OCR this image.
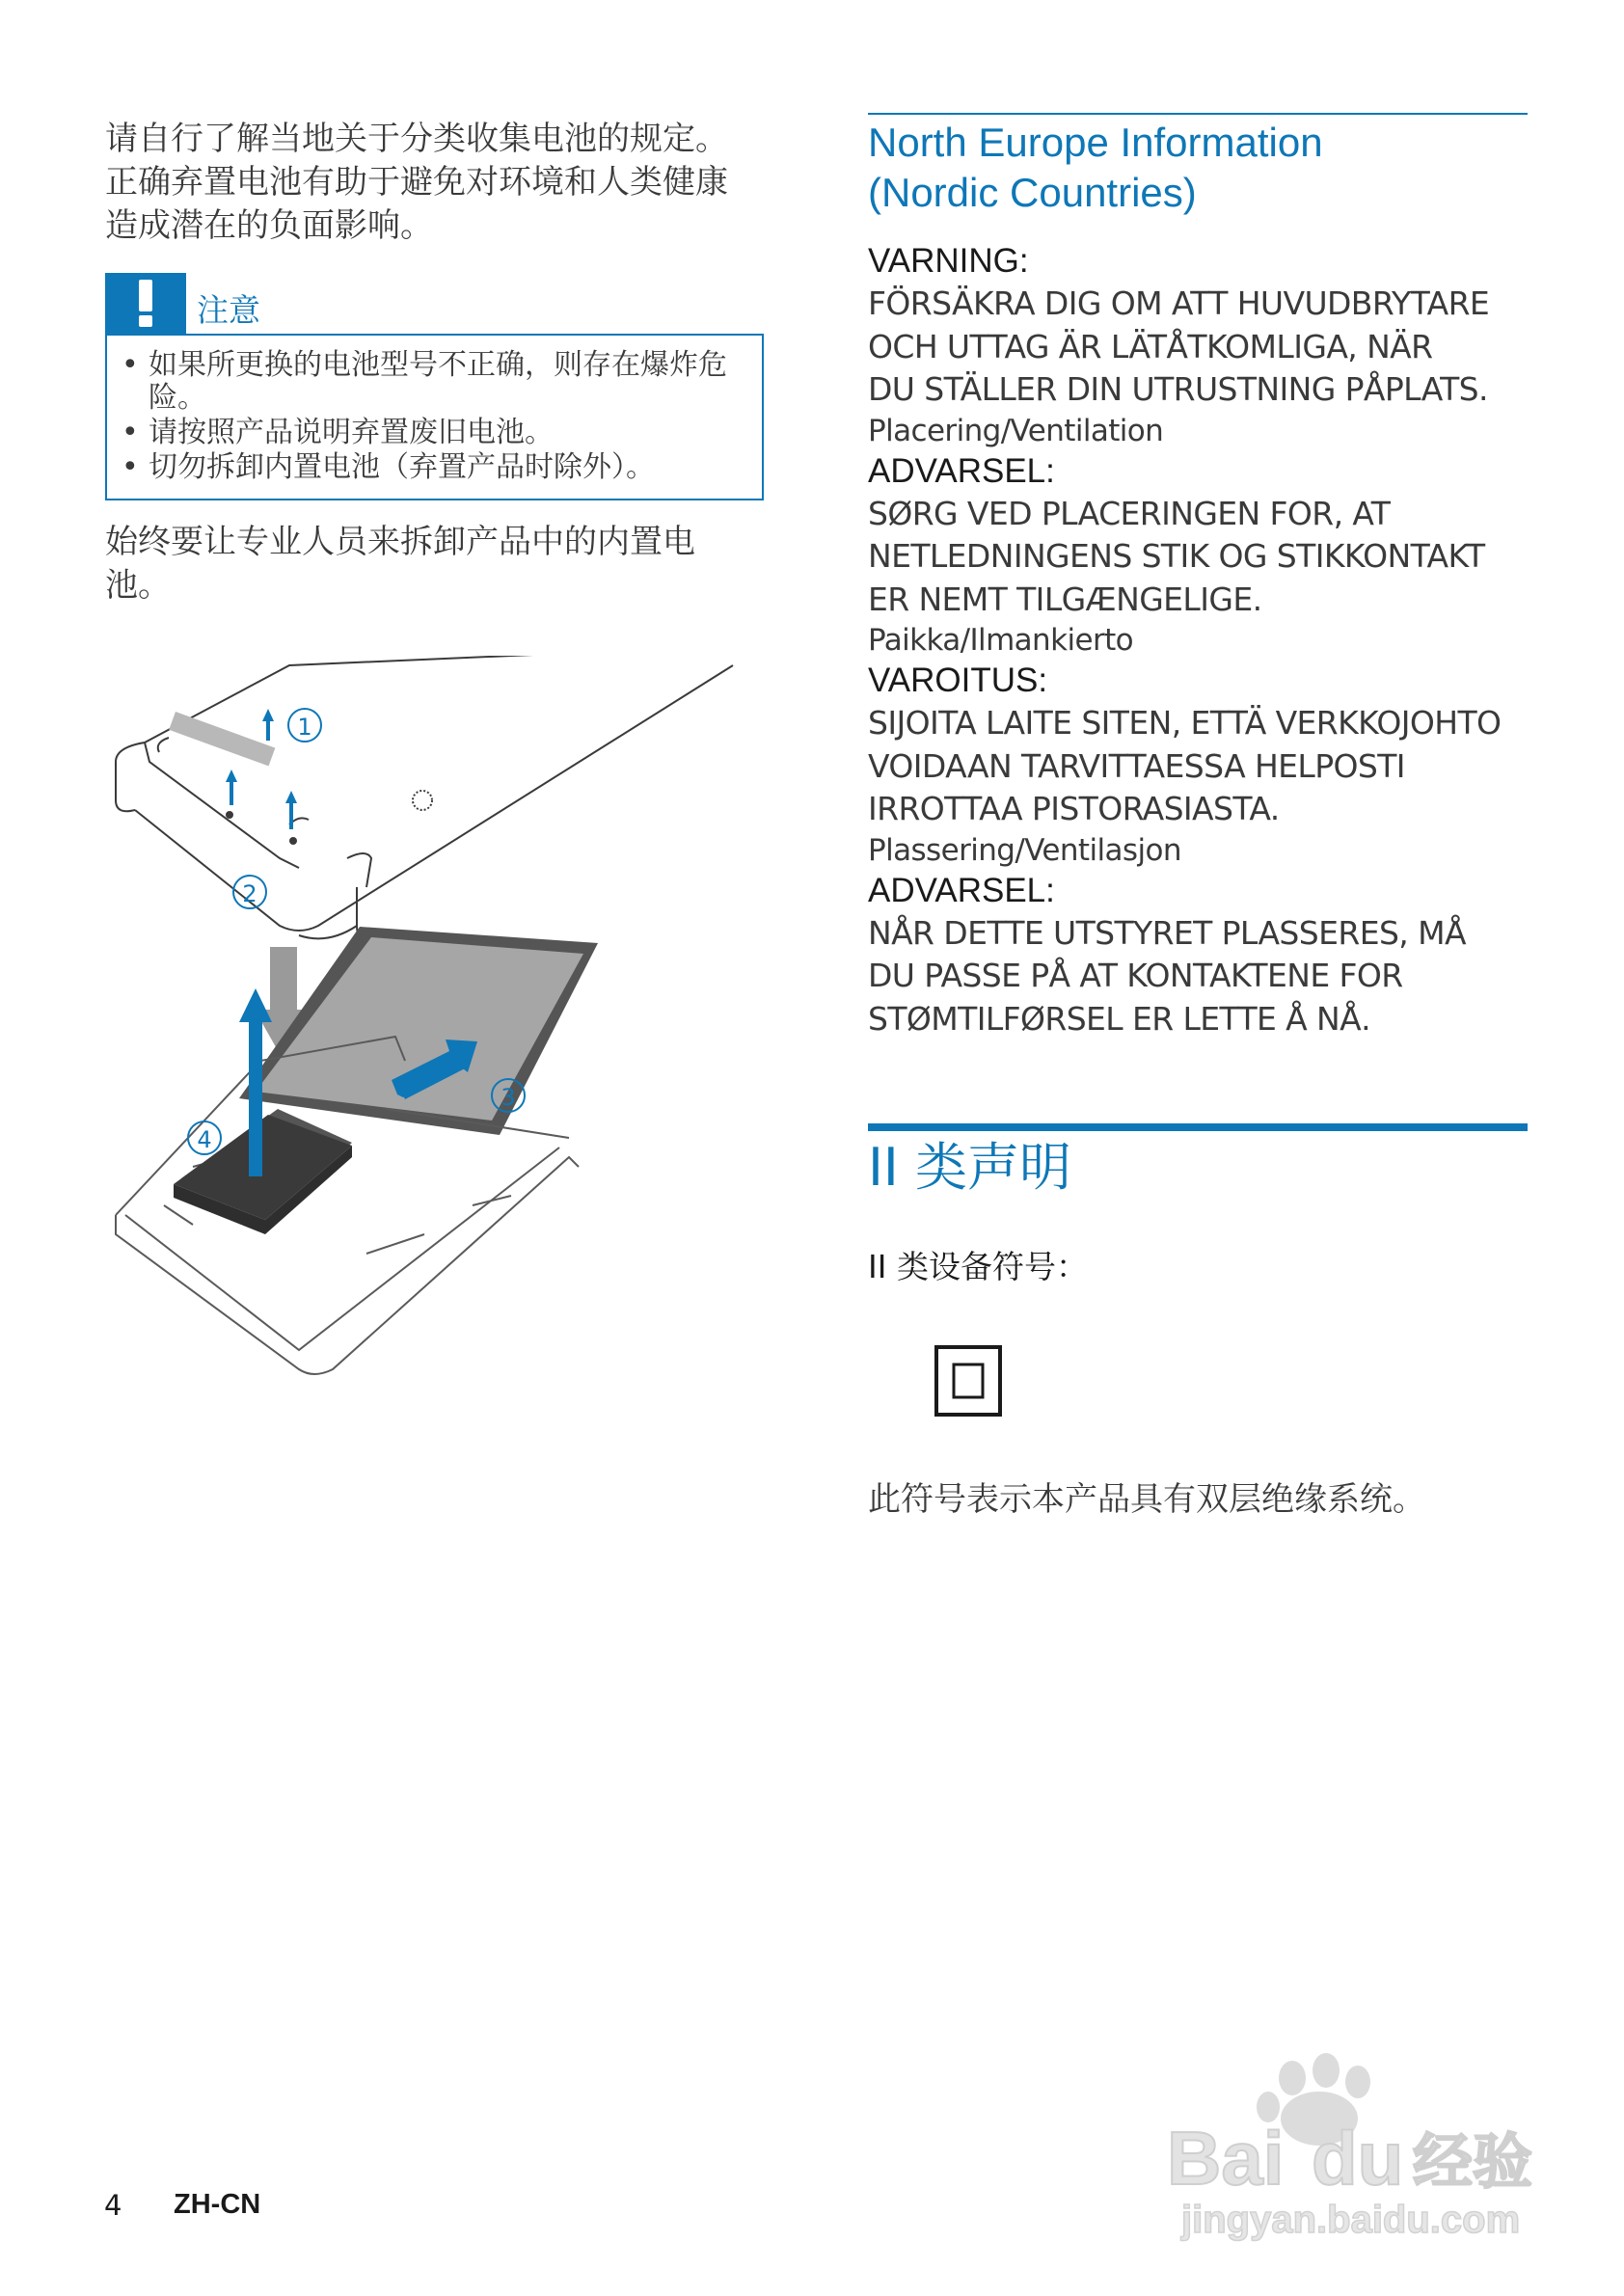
请自行了解当地关于分类收集电池的规定。

正确弃置电池有助于避免对环境和人类健康

造成潜在的负面影响。

注意
• 如果所更换的电池型号不正确，则存在爆炸危险。
• 请按照产品说明弃置废旧电池。
• 切勿拆卸内置电池（弃置产品时除外）。

始终要让专业人员来拆卸产品中的内置电

池。

1
2
3
4
North Europe Information
(Nordic Countries)

VARNING:

FÖRSÄKRA DIG OM ATT HUVUDBRYTARE
OCH UTTAG ÄR LÄTÅTKOMLIGA, NÄR
DU STÄLLER DIN UTRUSTNING PÅPLATS.

Placering/Ventilation

ADVARSEL:

SØRG VED PLACERINGEN FOR, AT
NETLEDNINGENS STIK OG STIKKONTAKT
ER NEMT TILGÆNGELIGE.

Paikka/Ilmankierto

VAROITUS:

SIJOITA LAITE SITEN, ETTÄ VERKKOJOHTO
VOIDAAN TARVITTAESSA HELPOSTI
IRROTTAA PISTORASIASTA.

Plassering/Ventilasjon

ADVARSEL:

NÅR DETTE UTSTYRET PLASSERES, MÅ
DU PASSE PÅ AT KONTAKTENE FOR
STØMTILFØRSEL ER LETTE Å NÅ.

II 类声明
II 类设备符号：
此符号表示本产品具有双层绝缘系统。
4 ZH-CN
Bai du 经验
jingyan.baidu.com
